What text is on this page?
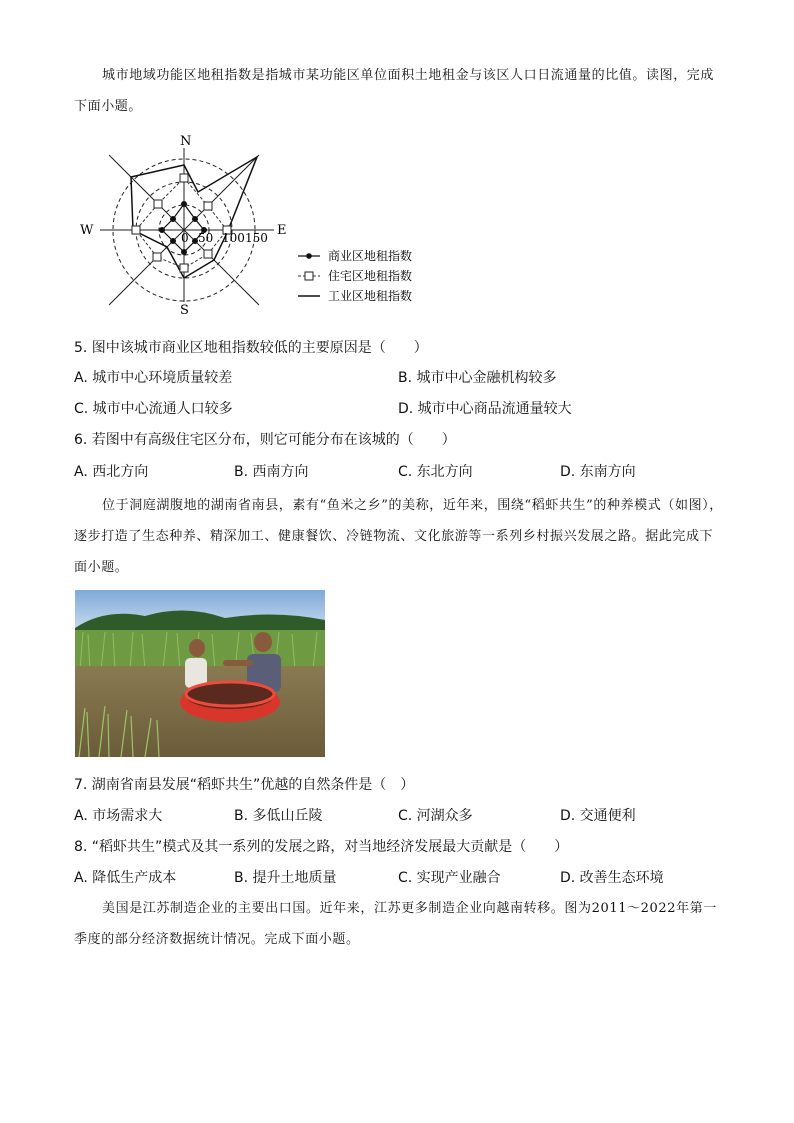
城市地域功能区地租指数是指城市某功能区单位面积土地租金与该区人口日流通量的比值。读图，完成下面小题。
N
S
W	E
0 50 100 150
商业区地租指数
住宅区地租指数
工业区地租指数
5. 图中该城市商业区地租指数较低的主要原因是（　　）
A. 城市中心环境质量较差	B. 城市中心金融机构较多
C. 城市中心流通人口较多	D. 城市中心商品流通量较大
6. 若图中有高级住宅区分布，则它可能分布在该城的（　　）
A. 西北方向	B. 西南方向	C. 东北方向	D. 东南方向
位于洞庭湖腹地的湖南省南县，素有“鱼米之乡”的美称，近年来，围绕“稻虾共生”的种养模式（如图），逐步打造了生态种养、精深加工、健康餐饮、冷链物流、文化旅游等一系列乡村振兴发展之路。据此完成下面小题。
7. 湖南省南县发展“稻虾共生”优越的自然条件是（　）
A. 市场需求大	B. 多低山丘陵	C. 河湖众多	D. 交通便利
8. “稻虾共生”模式及其一系列的发展之路，对当地经济发展最大贡献是（　　）
A. 降低生产成本	B. 提升土地质量	C. 实现产业融合	D. 改善生态环境
美国是江苏制造企业的主要出口国。近年来，江苏更多制造企业向越南转移。图为2011～2022年第一季度的部分经济数据统计情况。完成下面小题。
